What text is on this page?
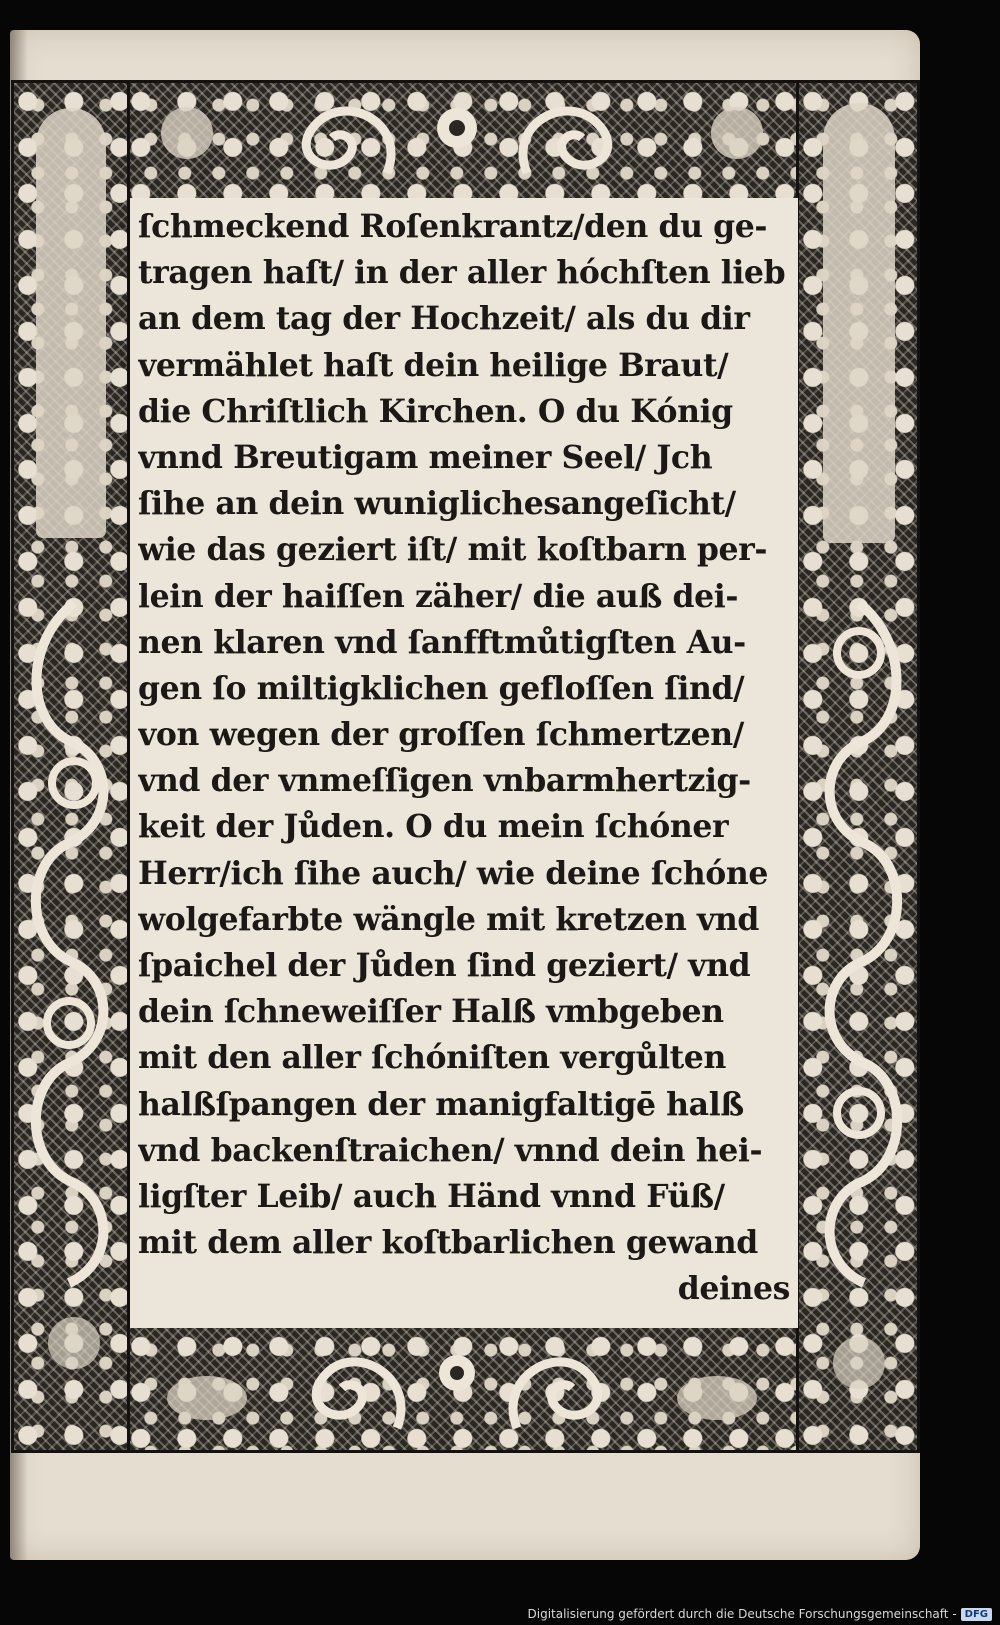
ſchmeckend Roſenkrantz/den du ge-
tragen haſt/ in der aller hóchſten lieb
an dem tag der Hochzeit/ als du dir
vermählet haſt dein heilige Braut/
die Chriſtlich Kirchen. O du Kónig
vnnd Breutigam meiner Seel/ Jch
ſihe an dein wuniglichesangeſicht/
wie das geziert iſt/ mit koſtbarn per-
lein der haiſſen zäher/ die auß dei-
nen klaren vnd ſanfftmůtigſten Au-
gen ſo miltigklichen gefloſſen ſind/
von wegen der groſſen ſchmertzen/
vnd der vnmeſſigen vnbarmhertzig-
keit der Jůden. O du mein ſchóner
Herr/ich ſihe auch/ wie deine ſchóne
wolgefarbte wängle mit kretzen vnd
ſpaichel der Jůden ſind geziert/ vnd
dein ſchneweiſſer Halß vmbgeben
mit den aller ſchóniſten vergůlten
halßſpangen der manigfaltigē halß
vnd backenſtraichen/ vnnd dein hei-
ligſter Leib/ auch Händ vnnd Füß/
mit dem aller koſtbarlichen gewand
deines
Digitalisierung gefördert durch die Deutsche Forschungsgemeinschaft - DFG
